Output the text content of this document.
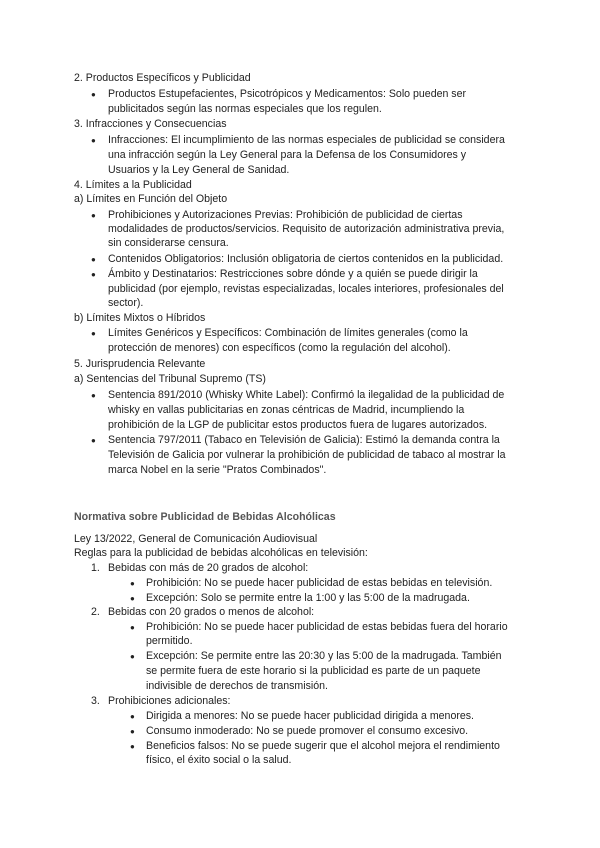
2. Productos Específicos y Publicidad

● Productos Estupefacientes, Psicotrópicos y Medicamentos: Solo pueden ser

publicitados según las normas especiales que los regulen.

3. Infracciones y Consecuencias

● Infracciones: El incumplimiento de las normas especiales de publicidad se considera

una infracción según la Ley General para la Defensa de los Consumidores y

Usuarios y la Ley General de Sanidad.

4. Límites a la Publicidad

a) Límites en Función del Objeto

● Prohibiciones y Autorizaciones Previas: Prohibición de publicidad de ciertas

modalidades de productos/servicios. Requisito de autorización administrativa previa,

sin considerarse censura.

● Contenidos Obligatorios: Inclusión obligatoria de ciertos contenidos en la publicidad.

● Ámbito y Destinatarios: Restricciones sobre dónde y a quién se puede dirigir la

publicidad (por ejemplo, revistas especializadas, locales interiores, profesionales del

sector).

b) Límites Mixtos o Híbridos

● Límites Genéricos y Específicos: Combinación de límites generales (como la

protección de menores) con específicos (como la regulación del alcohol).

5. Jurisprudencia Relevante

a) Sentencias del Tribunal Supremo (TS)

● Sentencia 891/2010 (Whisky White Label): Confirmó la ilegalidad de la publicidad de

whisky en vallas publicitarias en zonas céntricas de Madrid, incumpliendo la

prohibición de la LGP de publicitar estos productos fuera de lugares autorizados.

● Sentencia 797/2011 (Tabaco en Televisión de Galicia): Estimó la demanda contra la

Televisión de Galicia por vulnerar la prohibición de publicidad de tabaco al mostrar la

marca Nobel en la serie "Pratos Combinados".

Normativa sobre Publicidad de Bebidas Alcohólicas

Ley 13/2022, General de Comunicación Audiovisual

Reglas para la publicidad de bebidas alcohólicas en televisión:

1. Bebidas con más de 20 grados de alcohol:

● Prohibición: No se puede hacer publicidad de estas bebidas en televisión.

● Excepción: Solo se permite entre la 1:00 y las 5:00 de la madrugada.

2. Bebidas con 20 grados o menos de alcohol:

● Prohibición: No se puede hacer publicidad de estas bebidas fuera del horario

permitido.

● Excepción: Se permite entre las 20:30 y las 5:00 de la madrugada. También

se permite fuera de este horario si la publicidad es parte de un paquete

indivisible de derechos de transmisión.

3. Prohibiciones adicionales:

● Dirigida a menores: No se puede hacer publicidad dirigida a menores.

● Consumo inmoderado: No se puede promover el consumo excesivo.

● Beneficios falsos: No se puede sugerir que el alcohol mejora el rendimiento

físico, el éxito social o la salud.
